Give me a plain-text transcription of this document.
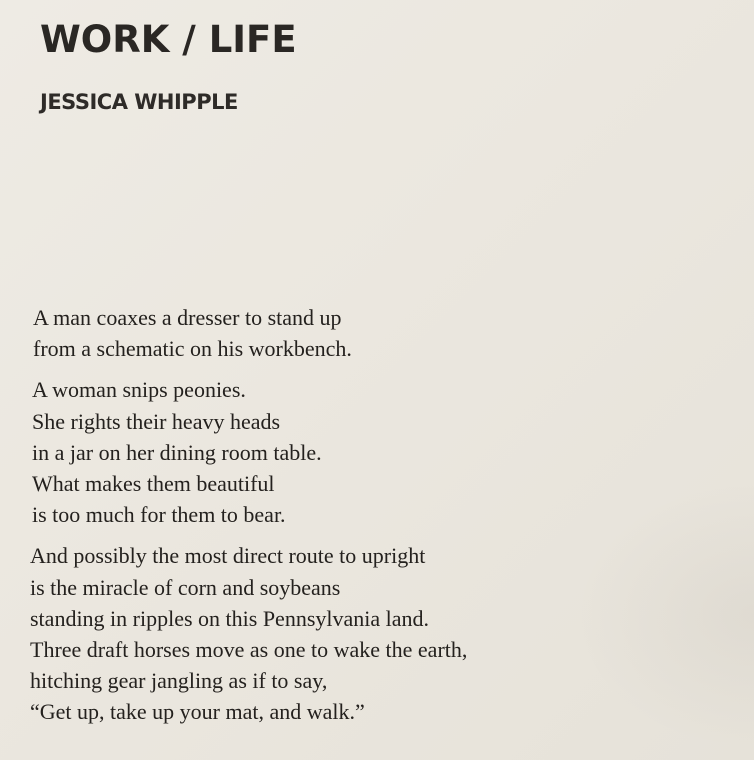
WORK / LIFE
JESSICA WHIPPLE

A man coaxes a dresser to stand up
from a schematic on his workbench.

A woman snips peonies.
She rights their heavy heads
in a jar on her dining room table.
What makes them beautiful
is too much for them to bear.

And possibly the most direct route to upright
is the miracle of corn and soybeans
standing in ripples on this Pennsylvania land.
Three draft horses move as one to wake the earth,
hitching gear jangling as if to say,
“Get up, take up your mat, and walk.”
